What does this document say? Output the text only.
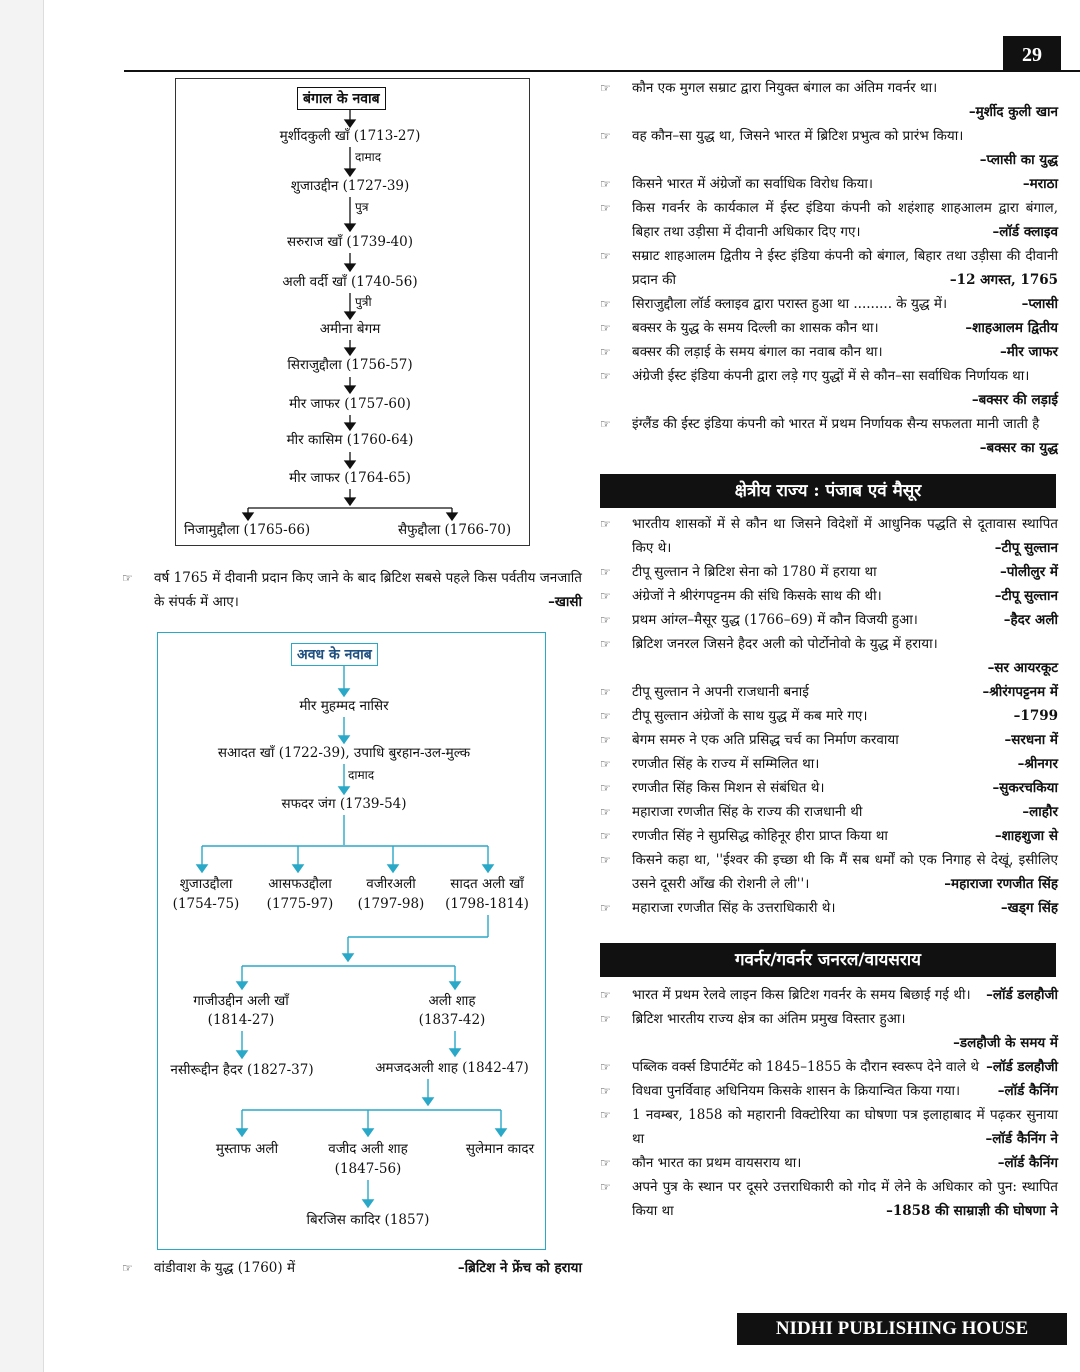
29
बंगाल के नवाब
मुर्शीदकुली खाँ (1713-27)
दामाद
शुजाउद्दीन (1727-39)
पुत्र
सरुराज खाँ (1739-40)
अली वर्दी खाँ (1740-56)
पुत्री
अमीना बेगम
सिराजुद्दौला (1756-57)
मीर जाफर (1757-60)
मीर कासिम (1760-64)
मीर जाफर (1764-65)
निजामुद्दौला (1765-66)	सैफुद्दौला (1766-70)
☞	वर्ष 1765 में दीवानी प्रदान किए जाने के बाद ब्रिटिश सबसे पहले किस पर्वतीय जनजाति के संपर्क में आए।	–खासी
अवध के नवाब
मीर मुहम्मद नासिर
सआदत खाँ (1722-39), उपाधि बुरहान-उल-मुल्क
दामाद
सफदर जंग (1739-54)
शुजाउद्दौला
(1754-75)
आसफउद्दौला
(1775-97)
वजीरअली
(1797-98)
सादत अली खाँ
(1798-1814)
गाजीउद्दीन अली खाँ
(1814-27)
अली शाह
(1837-42)
नसीरूद्दीन हैदर (1827-37)	अमजदअली शाह (1842-47)
मुस्ताफ अली	वजीद अली शाह
(1847-56)
सुलेमान कादर
बिरजिस कादिर (1857)
☞	वांडीवाश के युद्ध (1760) में	–ब्रिटिश ने फ्रेंच को हराया
☞	कौन एक मुगल सम्राट द्वारा नियुक्त बंगाल का अंतिम गवर्नर था।
–मुर्शीद कुली खान
☞	वह कौन–सा युद्ध था, जिसने भारत में ब्रिटिश प्रभुत्व को प्रारंभ किया।
–प्लासी का युद्ध
☞	किसने भारत में अंग्रेजों का सर्वाधिक विरोध किया।	–मराठा
☞	किस गवर्नर के कार्यकाल में ईस्ट इंडिया कंपनी को शहंशाह शाहआलम द्वारा बंगाल, बिहार तथा उड़ीसा में दीवानी अधिकार दिए गए।	–लॉर्ड क्लाइव
☞	सम्राट शाहआलम द्वितीय ने ईस्ट इंडिया कंपनी को बंगाल, बिहार तथा उड़ीसा की दीवानी प्रदान की	–12 अगस्त, 1765
☞	सिराजुद्दौला लॉर्ड क्लाइव द्वारा परास्त हुआ था ......... के युद्ध में।	–प्लासी
☞	बक्सर के युद्ध के समय दिल्ली का शासक कौन था।	–शाहआलम द्वितीय
☞	बक्सर की लड़ाई के समय बंगाल का नवाब कौन था।	–मीर जाफर
☞	अंग्रेजी ईस्ट इंडिया कंपनी द्वारा लड़े गए युद्धों में से कौन–सा सर्वाधिक निर्णायक था।
–बक्सर की लड़ाई
☞	इंग्लैंड की ईस्ट इंडिया कंपनी को भारत में प्रथम निर्णायक सैन्य सफलता मानी जाती है
–बक्सर का युद्ध
क्षेत्रीय राज्य : पंजाब एवं मैसूर
☞	भारतीय शासकों में से कौन था जिसने विदेशों में आधुनिक पद्धति से दूतावास स्थापित किए थे।	–टीपू सुल्तान
☞	टीपू सुल्तान ने ब्रिटिश सेना को 1780 में हराया था	–पोलीलुर में
☞	अंग्रेजों ने श्रीरंगपट्टनम की संधि किसके साथ की थी।	–टीपू सुल्तान
☞	प्रथम आंग्ल–मैसूर युद्ध (1766–69) में कौन विजयी हुआ।	–हैदर अली
☞	ब्रिटिश जनरल जिसने हैदर अली को पोर्टोनोवो के युद्ध में हराया।
–सर आयरकूट
☞	टीपू सुल्तान ने अपनी राजधानी बनाई	–श्रीरंगपट्टनम में
☞	टीपू सुल्तान अंग्रेजों के साथ युद्ध में कब मारे गए।	–1799
☞	बेगम समरु ने एक अति प्रसिद्ध चर्च का निर्माण करवाया	–सरधना में
☞	रणजीत सिंह के राज्य में सम्मिलित था।	–श्रीनगर
☞	रणजीत सिंह किस मिशन से संबंधित थे।	–सुकरचकिया
☞	महाराजा रणजीत सिंह के राज्य की राजधानी थी	–लाहौर
☞	रणजीत सिंह ने सुप्रसिद्ध कोहिनूर हीरा प्राप्त किया था	–शाहशुजा से
☞	किसने कहा था, ''ईश्वर की इच्छा थी कि मैं सब धर्मों को एक निगाह से देखूं, इसीलिए उसने दूसरी आँख की रोशनी ले ली''।	–महाराजा रणजीत सिंह
☞	महाराजा रणजीत सिंह के उत्तराधिकारी थे।	–खड्ग सिंह
गवर्नर/गवर्नर जनरल/वायसराय
☞	भारत में प्रथम रेलवे लाइन किस ब्रिटिश गवर्नर के समय बिछाई गई थी। –लॉर्ड डलहौजी
☞	ब्रिटिश भारतीय राज्य क्षेत्र का अंतिम प्रमुख विस्तार हुआ।
–डलहौजी के समय में
☞	पब्लिक वर्क्स डिपार्टमेंट को 1845–1855 के दौरान स्वरूप देने वाले थे –लॉर्ड डलहौजी
☞	विधवा पुनर्विवाह अधिनियम किसके शासन के क्रियान्वित किया गया।	–लॉर्ड कैनिंग
☞	1 नवम्बर, 1858 को महारानी विक्टोरिया का घोषणा पत्र इलाहाबाद में पढ़कर सुनाया था	–लॉर्ड कैनिंग ने
☞	कौन भारत का प्रथम वायसराय था।	–लॉर्ड कैनिंग
☞	अपने पुत्र के स्थान पर दूसरे उत्तराधिकारी को गोद में लेने के अधिकार को पुन: स्थापित किया था	–1858 की साम्राज्ञी की घोषणा ने
NIDHI PUBLISHING HOUSE
